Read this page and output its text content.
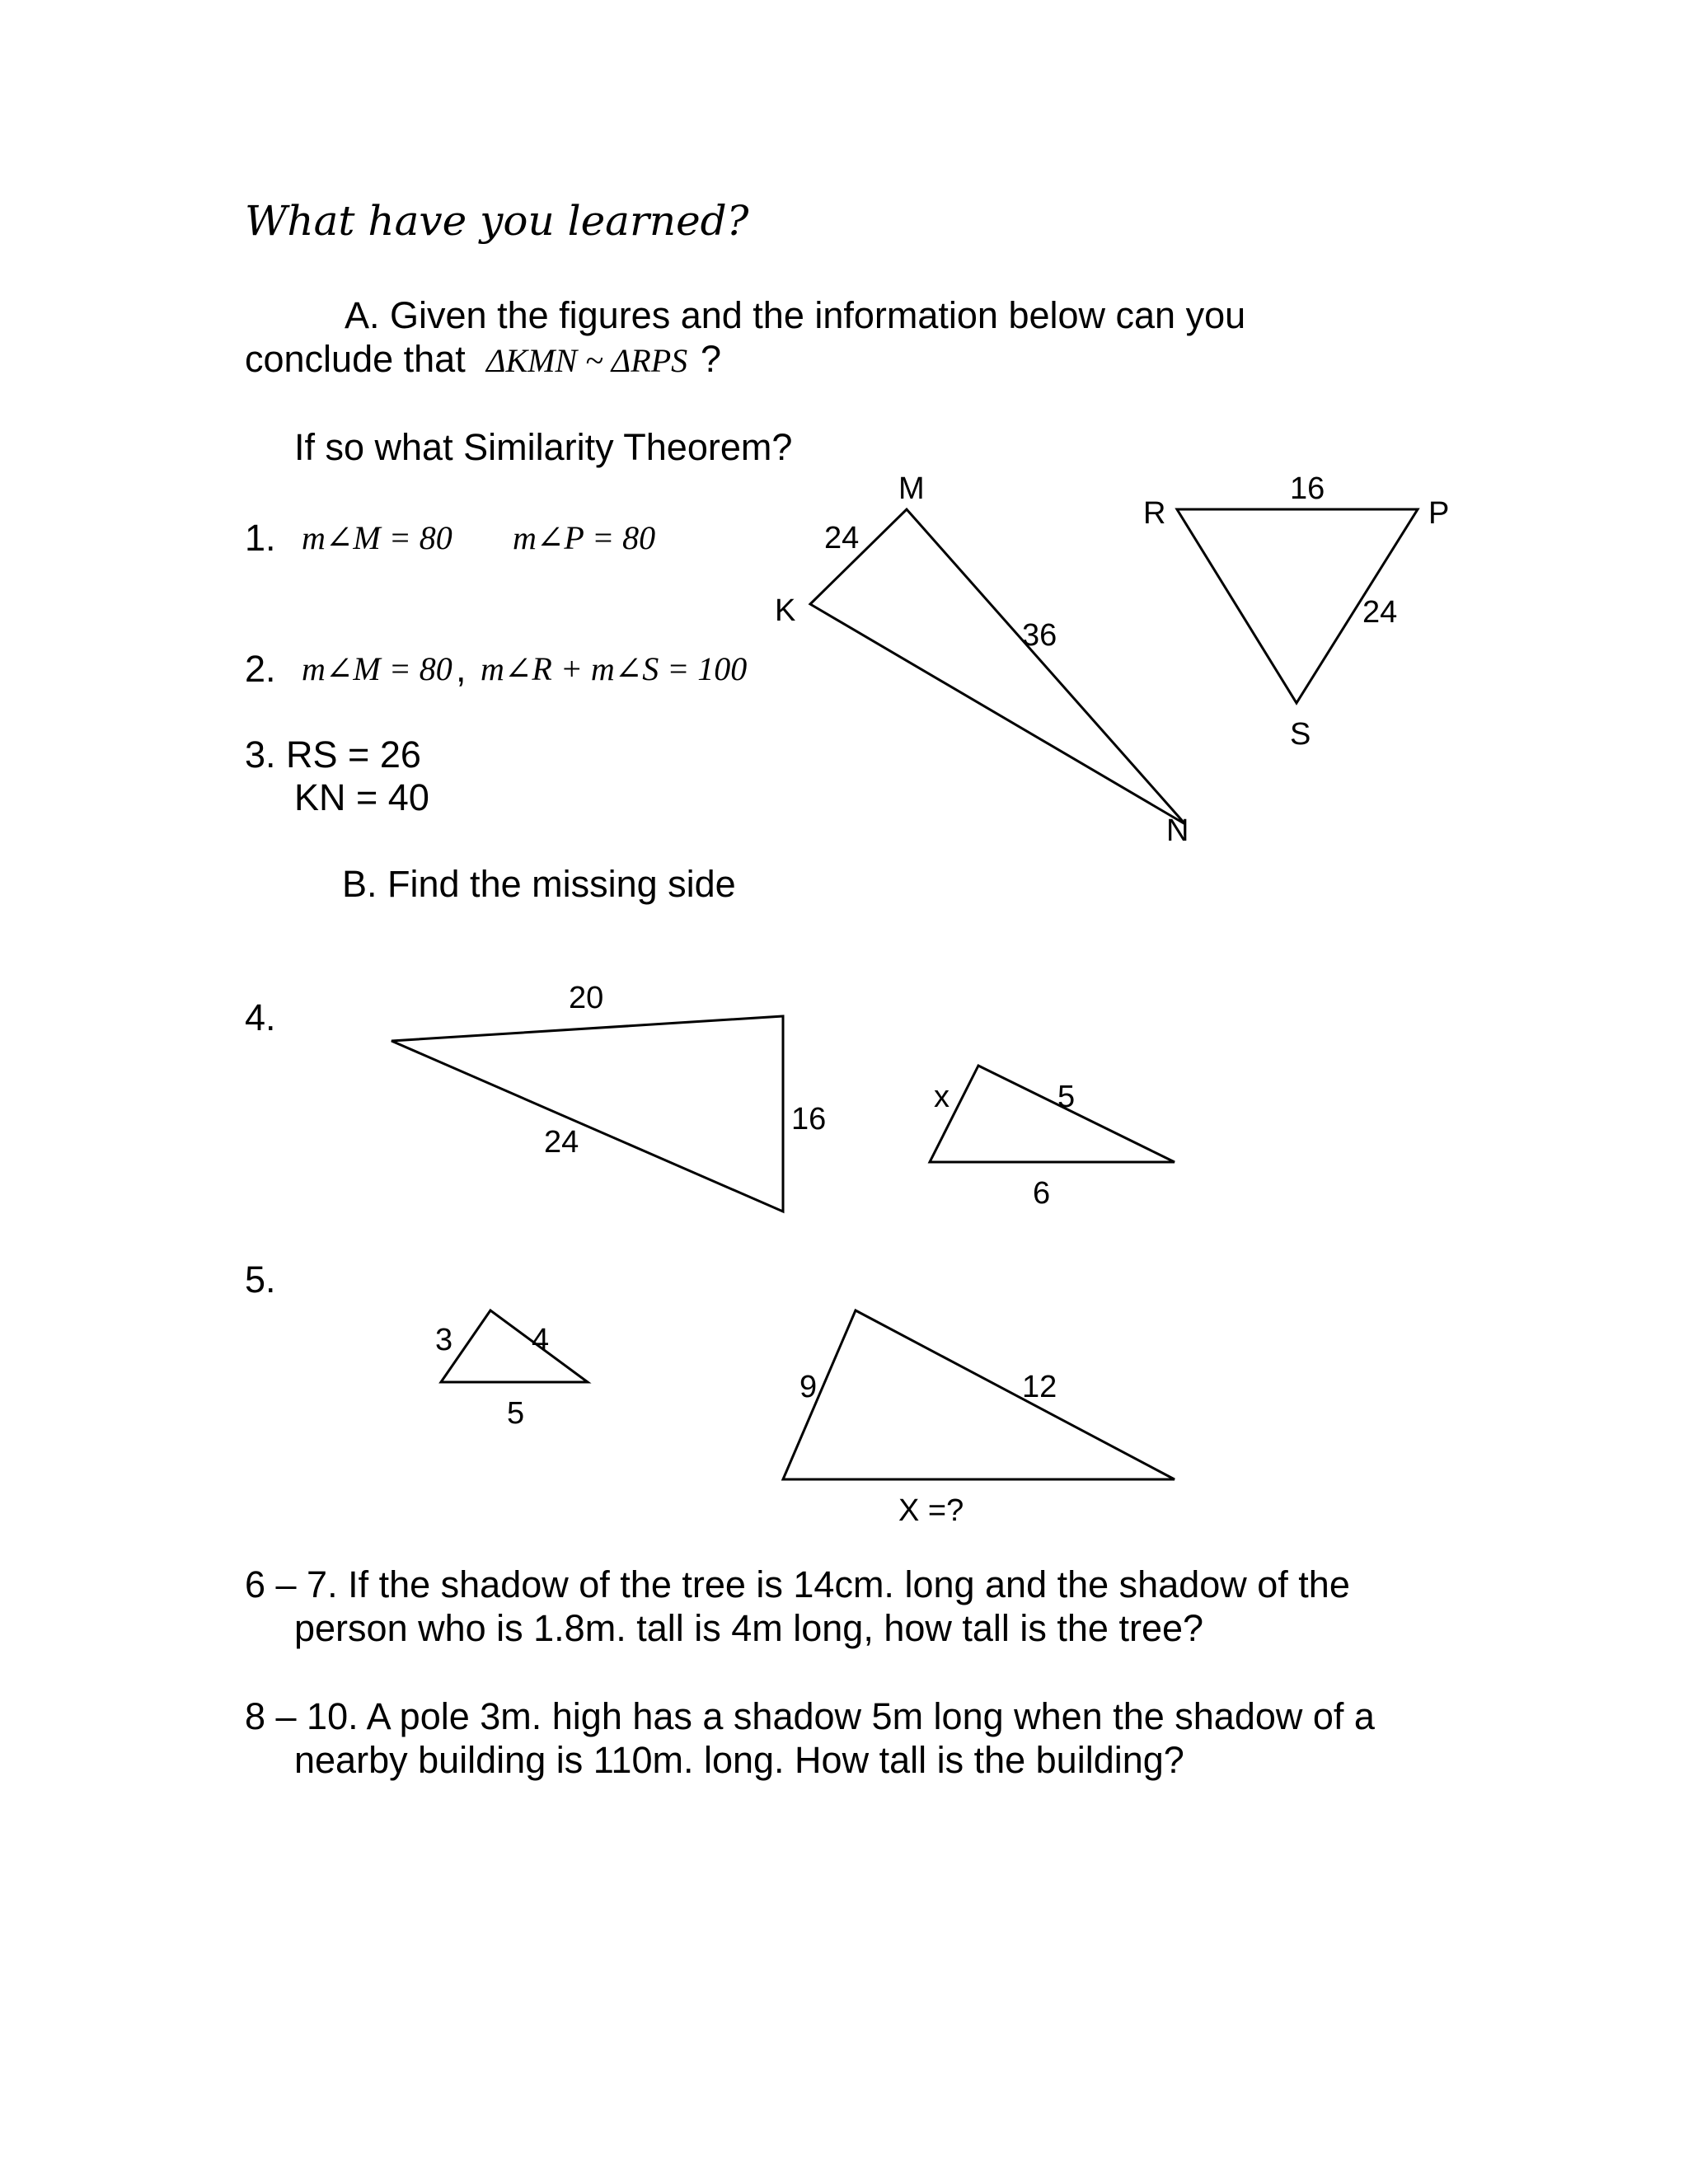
What have you learned?
A. Given the figures and the information below can you
conclude that ΔKMN ~ ΔRPS ?
If so what Similarity Theorem?
1. m∠M = 80 m∠P = 80
2. m∠M = 80 , m∠R + m∠S = 100
3. RS = 26
KN = 40
B. Find the missing side
4.
5.
6 – 7. If the shadow of the tree is 14cm. long and the shadow of the
person who is 1.8m. tall is 4m long, how tall is the tree?
8 – 10. A pole 3m. high has a shadow 5m long when the shadow of a
nearby building is 110m. long. How tall is the building?
M
K
N
24
36
R	P
S
16
24
20
24
16
x	5
6
3	4
5
9	12
X =?
